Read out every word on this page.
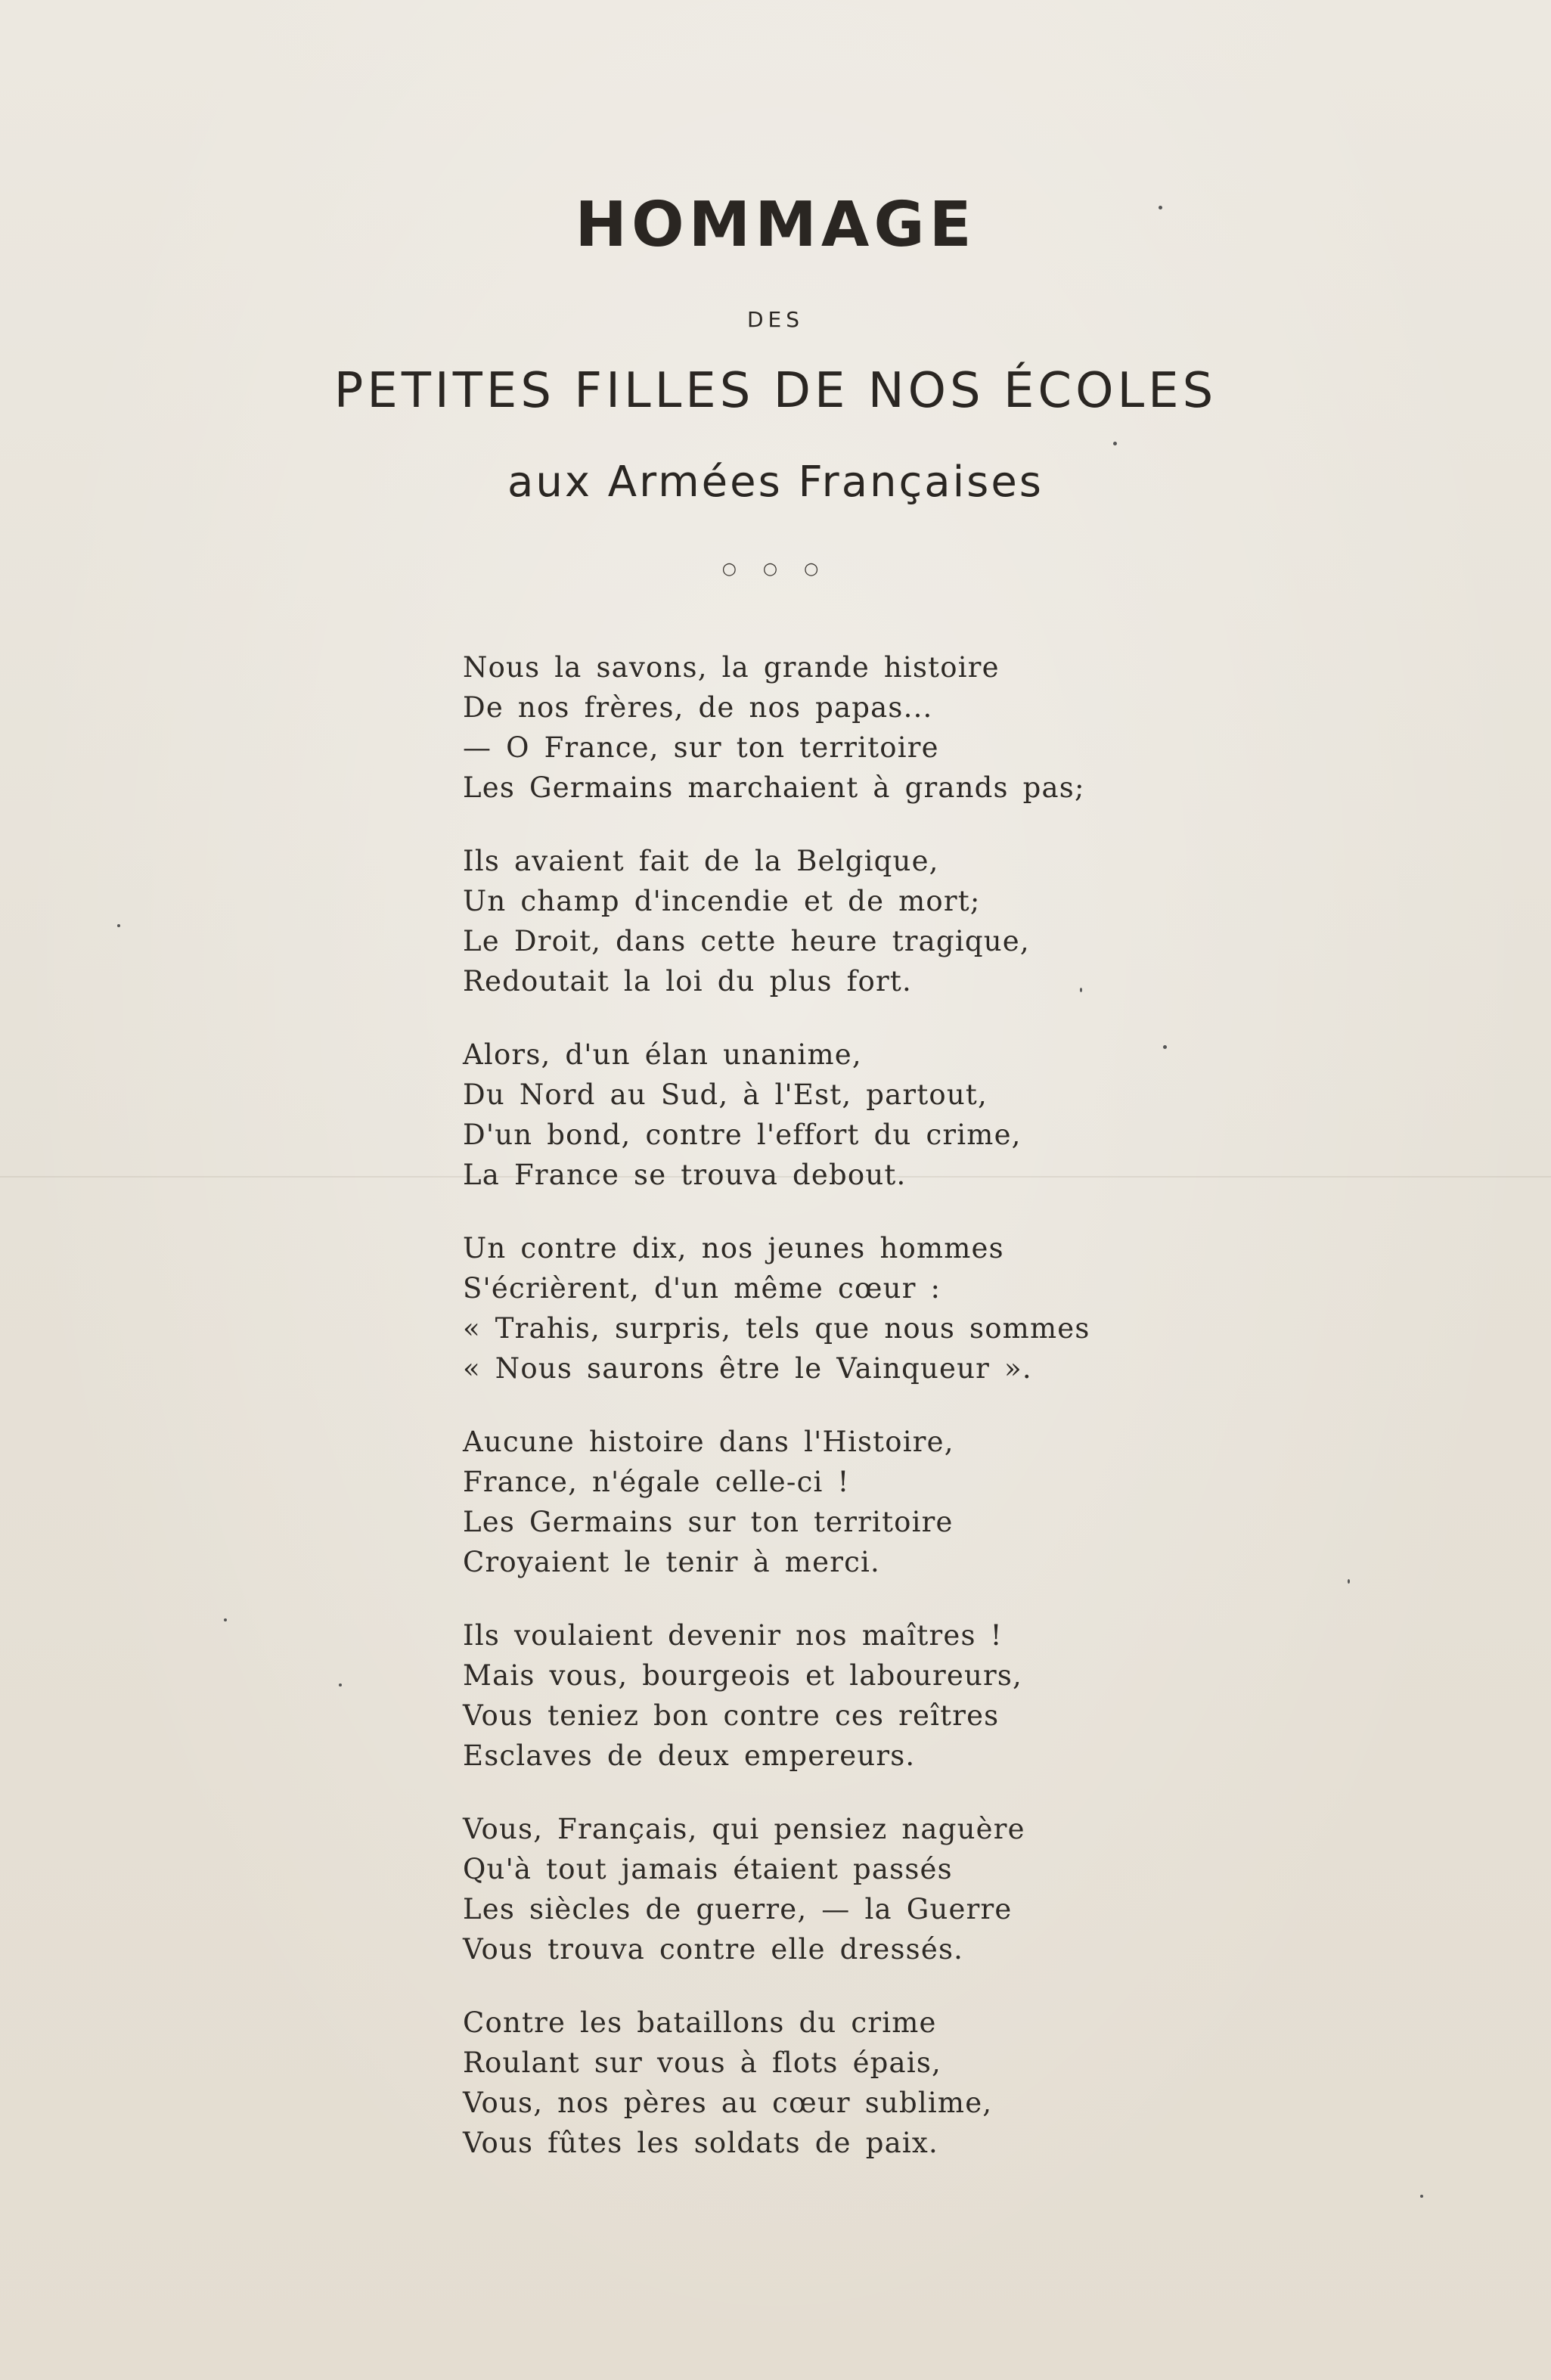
HOMMAGE
DES
PETITES FILLES DE NOS ÉCOLES
aux Armées Françaises
○ ○ ○
Nous la savons, la grande histoire
De nos frères, de nos papas...
— O France, sur ton territoire
Les Germains marchaient à grands pas;
Ils avaient fait de la Belgique,
Un champ d'incendie et de mort;
Le Droit, dans cette heure tragique,
Redoutait la loi du plus fort.
Alors, d'un élan unanime,
Du Nord au Sud, à l'Est, partout,
D'un bond, contre l'effort du crime,
La France se trouva debout.
Un contre dix, nos jeunes hommes
S'écrièrent, d'un même cœur :
« Trahis, surpris, tels que nous sommes
« Nous saurons être le Vainqueur ».
Aucune histoire dans l'Histoire,
France, n'égale celle-ci !
Les Germains sur ton territoire
Croyaient le tenir à merci.
Ils voulaient devenir nos maîtres !
Mais vous, bourgeois et laboureurs,
Vous teniez bon contre ces reîtres
Esclaves de deux empereurs.
Vous, Français, qui pensiez naguère
Qu'à tout jamais étaient passés
Les siècles de guerre, — la Guerre
Vous trouva contre elle dressés.
Contre les bataillons du crime
Roulant sur vous à flots épais,
Vous, nos pères au cœur sublime,
Vous fûtes les soldats de paix.
